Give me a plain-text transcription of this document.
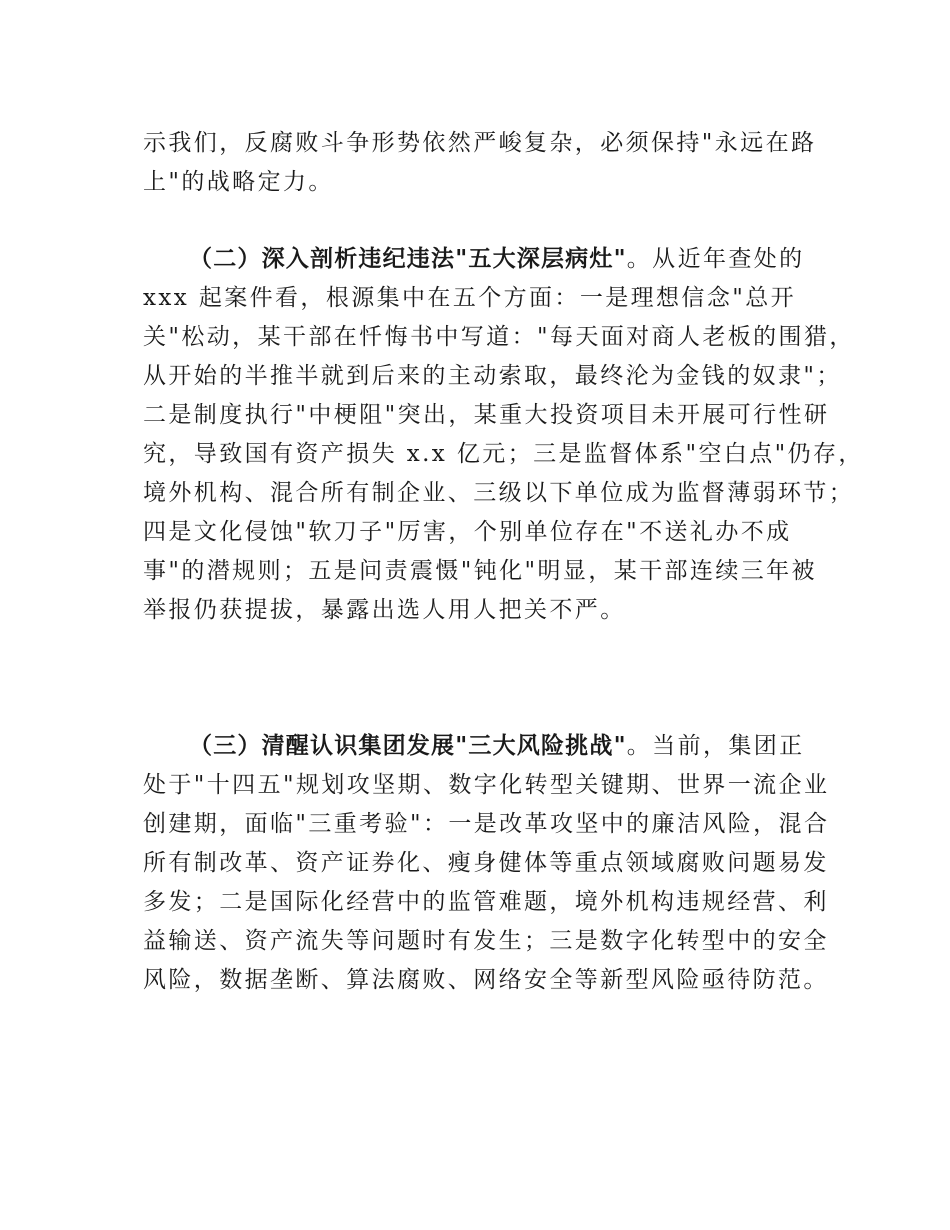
示我们，反腐败斗争形势依然严峻复杂，必须保持"永远在路
上"的战略定力。
（二）深入剖析违纪违法"五大深层病灶"。从近年查处的
xxx 起案件看，根源集中在五个方面：一是理想信念"总开
关"松动，某干部在忏悔书中写道："每天面对商人老板的围猎，
从开始的半推半就到后来的主动索取，最终沦为金钱的奴隶"；
二是制度执行"中梗阻"突出，某重大投资项目未开展可行性研
究，导致国有资产损失 x.x 亿元；三是监督体系"空白点"仍存，
境外机构、混合所有制企业、三级以下单位成为监督薄弱环节；
四是文化侵蚀"软刀子"厉害，个别单位存在"不送礼办不成
事"的潜规则；五是问责震慑"钝化"明显，某干部连续三年被
举报仍获提拔，暴露出选人用人把关不严。
（三）清醒认识集团发展"三大风险挑战"。当前，集团正
处于"十四五"规划攻坚期、数字化转型关键期、世界一流企业
创建期，面临"三重考验"：一是改革攻坚中的廉洁风险，混合
所有制改革、资产证券化、瘦身健体等重点领域腐败问题易发
多发；二是国际化经营中的监管难题，境外机构违规经营、利
益输送、资产流失等问题时有发生；三是数字化转型中的安全
风险，数据垄断、算法腐败、网络安全等新型风险亟待防范。
